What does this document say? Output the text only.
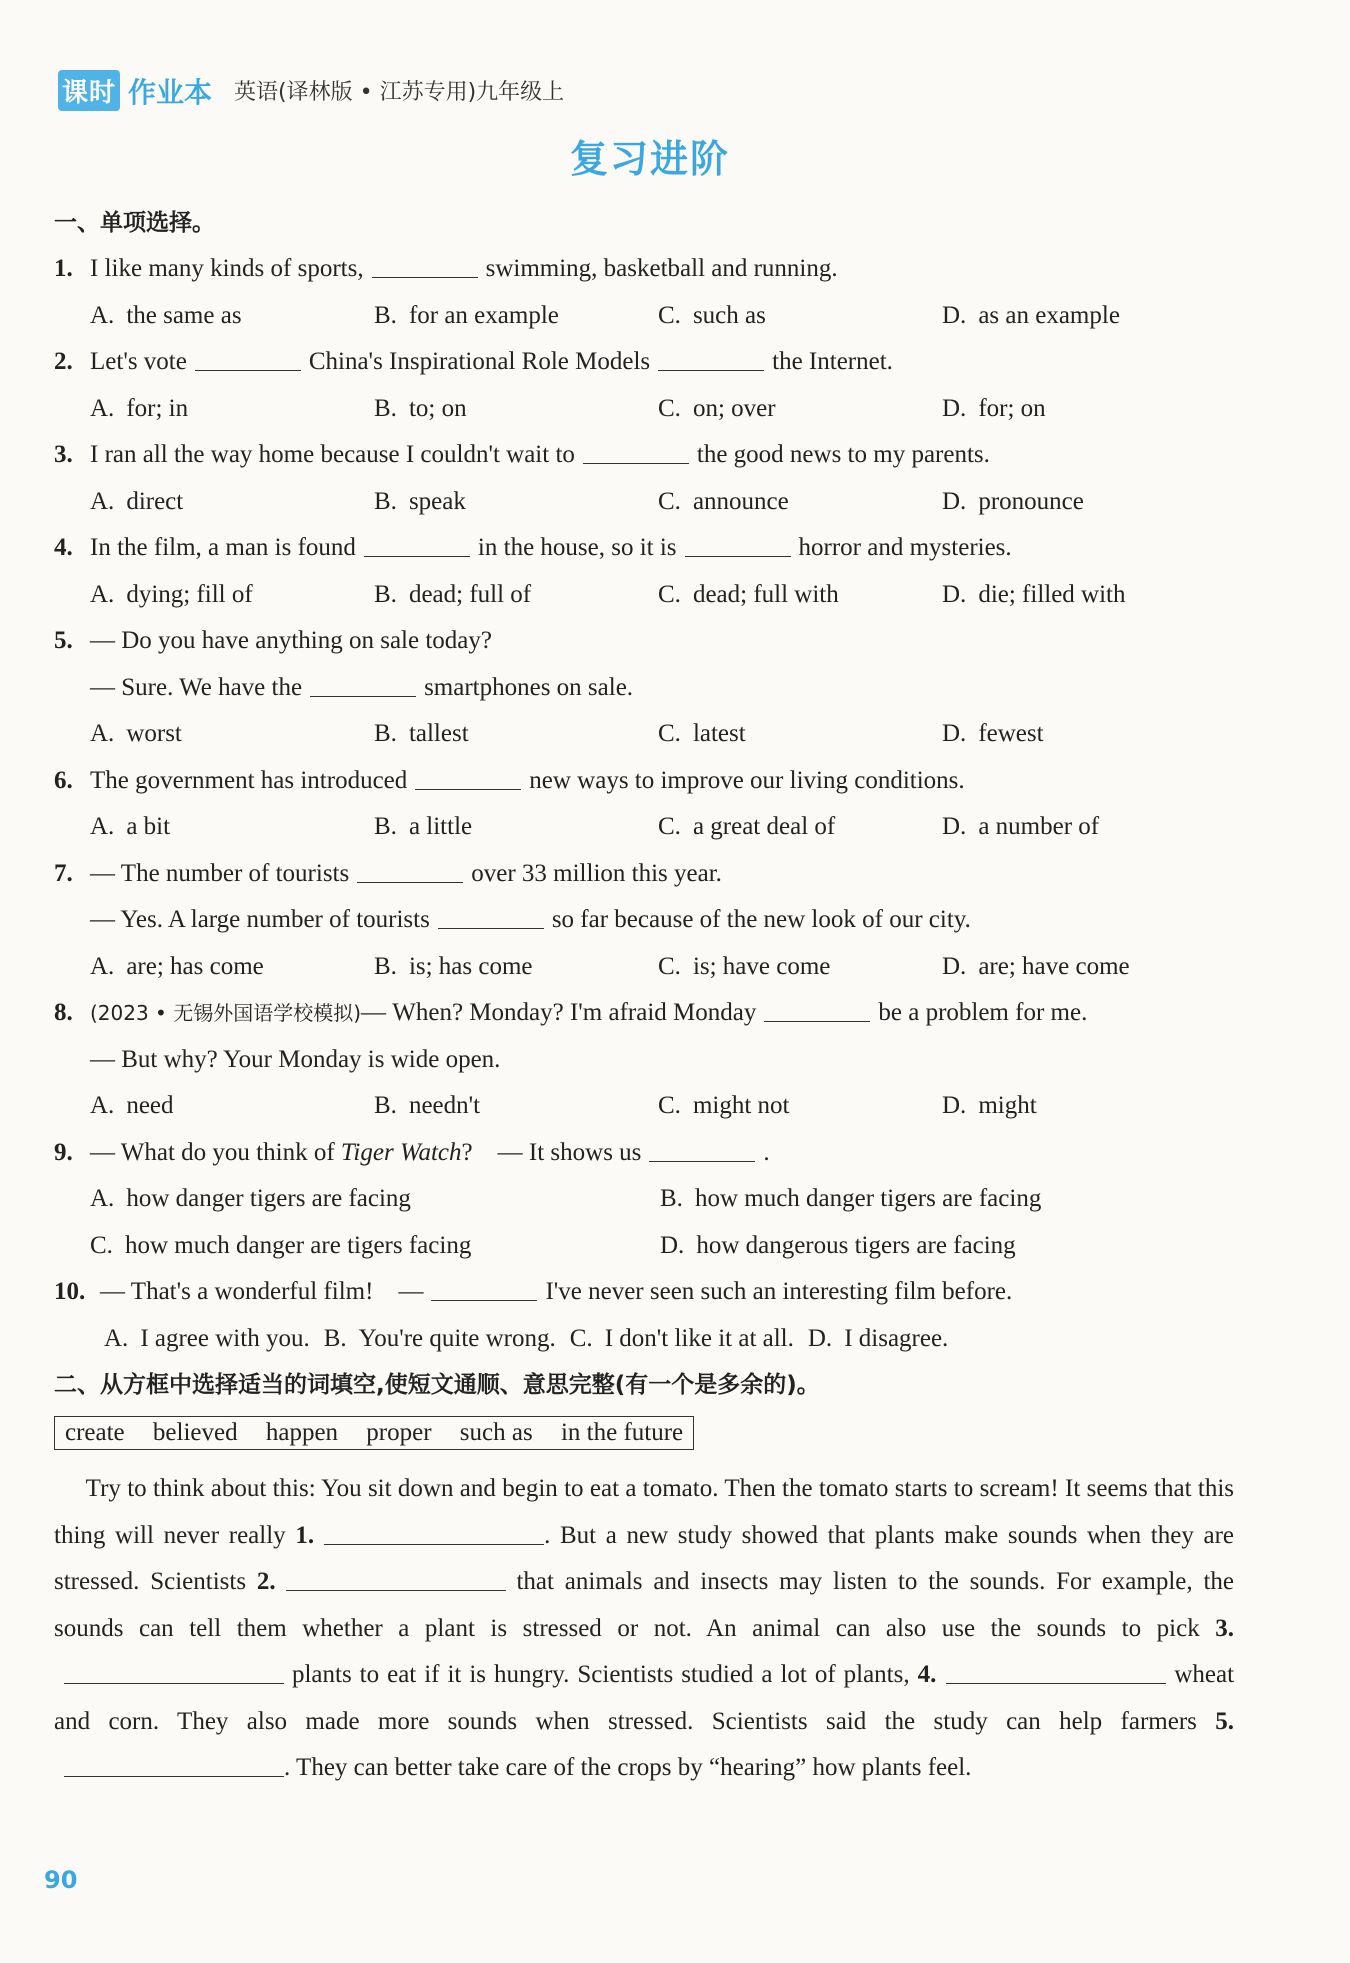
课时 作业本 英语(译林版 • 江苏专用)九年级上
复习进阶
一、单项选择。
1. I like many kinds of sports,	swimming, basketball and running.
A. the same as	B. for an example	C. such as	D. as an example
2. Let's vote	China's Inspirational Role Models	the Internet.
A. for; in	B. to; on	C. on; over	D. for; on
3. I ran all the way home because I couldn't wait to	the good news to my parents.
A. direct	B. speak	C. announce	D. pronounce
4. In the film, a man is found	in the house, so it is	horror and mysteries.
A. dying; fill of	B. dead; full of	C. dead; full with	D. die; filled with
5. — Do you have anything on sale today?
— Sure. We have the	smartphones on sale.
A. worst	B. tallest	C. latest	D. fewest
6. The government has introduced	new ways to improve our living conditions.
A. a bit	B. a little	C. a great deal of	D. a number of
7. — The number of tourists	over 33 million this year.
— Yes. A large number of tourists	so far because of the new look of our city.
A. are; has come	B. is; has come	C. is; have come	D. are; have come
8. (2023 • 无锡外国语学校模拟)— When? Monday? I'm afraid Monday	be a problem for me.
— But why? Your Monday is wide open.
A. need	B. needn't	C. might not	D. might
9. — What do you think of Tiger Watch? — It shows us	.
A. how danger tigers are facing	B. how much danger tigers are facing
C. how much danger are tigers facing	D. how dangerous tigers are facing
10. — That's a wonderful film! —	I've never seen such an interesting film before.
A. I agree with you. B. You're quite wrong. C. I don't like it at all. D. I disagree.
二、从方框中选择适当的词填空,使短文通顺、意思完整(有一个是多余的)。
create believed happen proper such as in the future
Try to think about this: You sit down and begin to eat a tomato. Then the tomato starts to scream! It seems that this thing will never really 1.	. But a new study showed that plants make sounds when they are stressed. Scientists 2.	that animals and insects may listen to the sounds. For example, the sounds can tell them whether a plant is stressed or not. An animal can also use the sounds to pick 3. plants to eat if it is hungry. Scientists studied a lot of plants, 4.	wheat and corn. They also made more sounds when stressed. Scientists said the study can help farmers 5.. They can better take care of the crops by “hearing” how plants feel.
90
